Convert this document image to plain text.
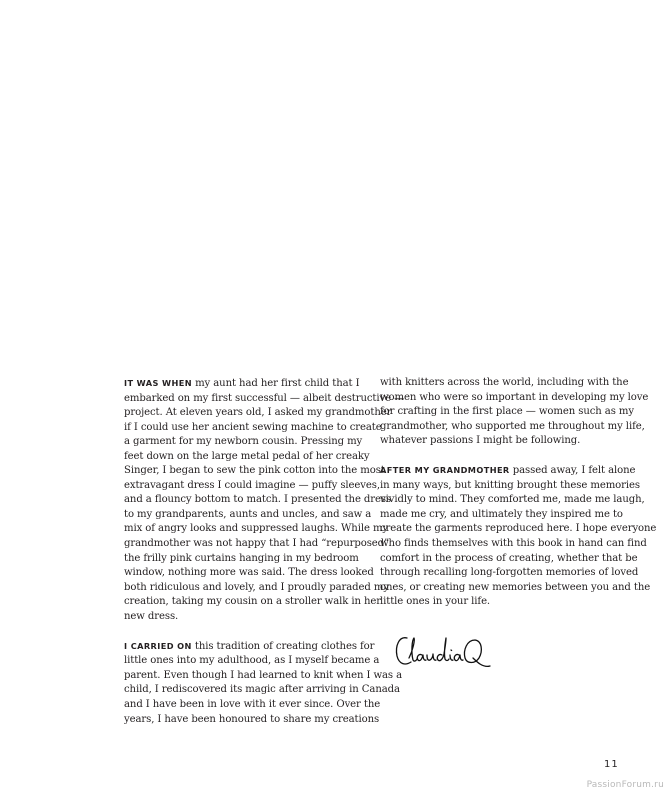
IT WAS WHEN my aunt had her first child that I
embarked on my first successful — albeit destructive —
project. At eleven years old, I asked my grandmother
if I could use her ancient sewing machine to create
a garment for my newborn cousin. Pressing my
feet down on the large metal pedal of her creaky
Singer, I began to sew the pink cotton into the most
extravagant dress I could imagine — puffy sleeves,
and a flouncy bottom to match. I presented the dress
to my grandparents, aunts and uncles, and saw a
mix of angry looks and suppressed laughs. While my
grandmother was not happy that I had “repurposed”
the frilly pink curtains hanging in my bedroom
window, nothing more was said. The dress looked
both ridiculous and lovely, and I proudly paraded my
creation, taking my cousin on a stroller walk in her
new dress.
I CARRIED ON this tradition of creating clothes for
little ones into my adulthood, as I myself became a
parent. Even though I had learned to knit when I was a
child, I rediscovered its magic after arriving in Canada
and I have been in love with it ever since. Over the
years, I have been honoured to share my creations
with knitters across the world, including with the
women who were so important in developing my love
for crafting in the first place — women such as my
grandmother, who supported me throughout my life,
whatever passions I might be following.
AFTER MY GRANDMOTHER passed away, I felt alone
in many ways, but knitting brought these memories
vividly to mind. They comforted me, made me laugh,
made me cry, and ultimately they inspired me to
create the garments reproduced here. I hope everyone
who finds themselves with this book in hand can find
comfort in the process of creating, whether that be
through recalling long-forgotten memories of loved
ones, or creating new memories between you and the
little ones in your life.
11
PassionForum.ru
